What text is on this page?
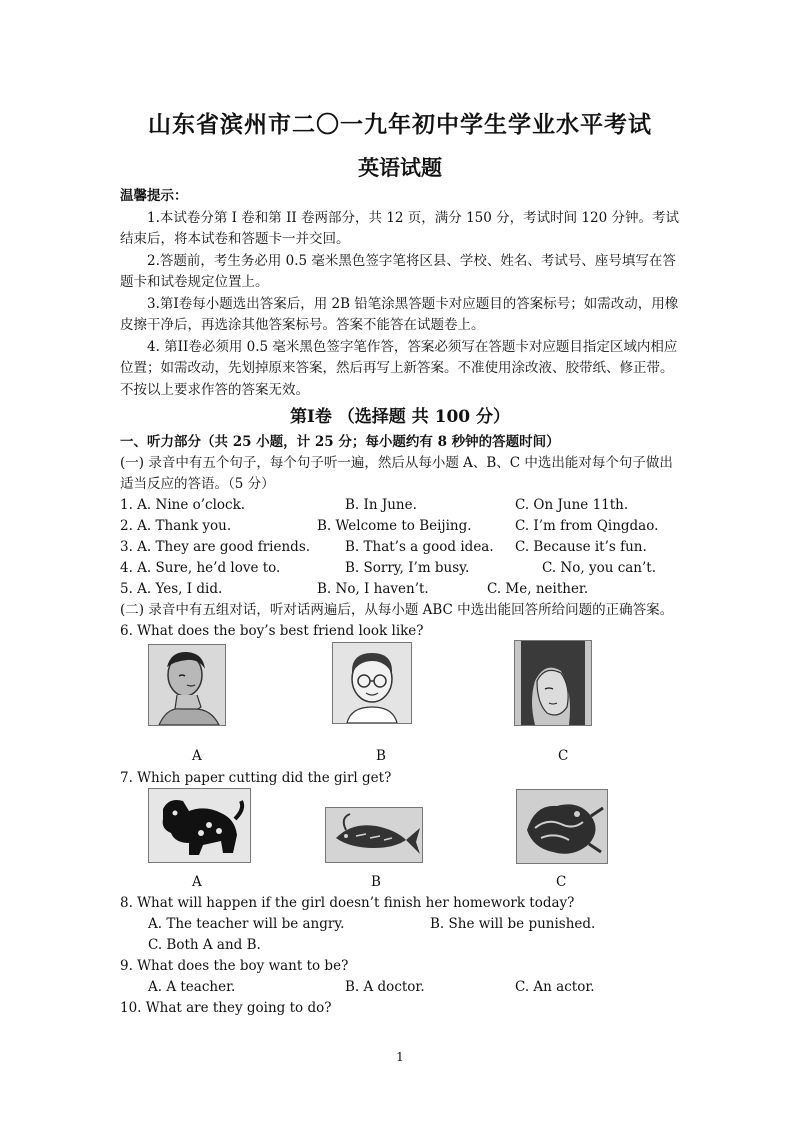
山东省滨州市二〇一九年初中学生学业水平考试
英语试题
温馨提示：

1.本试卷分第 I 卷和第 II 卷两部分，共 12 页，满分 150 分，考试时间 120 分钟。考试结束后，将本试卷和答题卡一并交回。

2.答题前，考生务必用 0.5 毫米黑色签字笔将区县、学校、姓名、考试号、座号填写在答题卡和试卷规定位置上。

3.第I卷每小题选出答案后，用 2B 铅笔涂黑答题卡对应题目的答案标号；如需改动，用橡皮擦干净后，再选涂其他答案标号。答案不能答在试题卷上。

4. 第II卷必须用 0.5 毫米黑色签字笔作答，答案必须写在答题卡对应题目指定区域内相应位置；如需改动，先划掉原来答案，然后再写上新答案。不准使用涂改液、胶带纸、修正带。不按以上要求作答的答案无效。

第I卷 （选择题 共 100 分）
一、听力部分（共 25 小题，计 25 分；每小题约有 8 秒钟的答题时间）
(一) 录音中有五个句子，每个句子听一遍，然后从每小题 A、B、C 中选出能对每个句子做出适当反应的答语。（5 分）
1. A. Nine o’clock.	B. In June.	C. On June 11th.
2. A. Thank you.	B. Welcome to Beijing.	C. I’m from Qingdao.
3. A. They are good friends.	B. That’s a good idea. C. Because it’s fun.
4. A. Sure, he’d love to.	B. Sorry, I’m busy.	C. No, you can’t.
5. A. Yes, I did.	B. No, I haven’t.	C. Me, neither.
(二) 录音中有五组对话，听对话两遍后，从每小题 ABC 中选出能回答所给问题的正确答案。
6. What does the boy’s best friend look like?
A	B	C
7. Which paper cutting did the girl get?
A	B	C
8. What will happen if the girl doesn’t finish her homework today?
A. The teacher will be angry.	B. She will be punished.
C. Both A and B.
9. What does the boy want to be?
A. A teacher.	B. A doctor.	C. An actor.
10. What are they going to do?
1
